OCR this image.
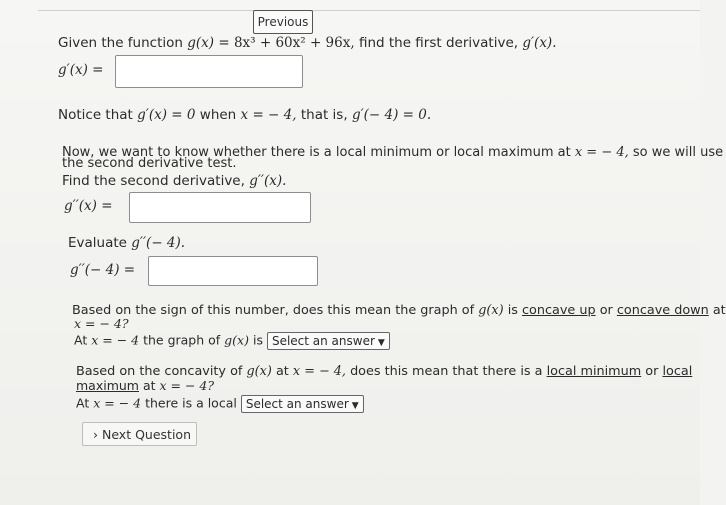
Previous
Given the function g(x) = 8x³ + 60x² + 96x, find the first derivative, g′(x).
g′(x) =
Notice that g′(x) = 0 when x = − 4, that is, g′(− 4) = 0.
Now, we want to know whether there is a local minimum or local maximum at x = − 4, so we will use
the second derivative test.
Find the second derivative, g′′(x).
g′′(x) =
Evaluate g′′(− 4).
g′′(− 4) =
Based on the sign of this number, does this mean the graph of g(x) is concave up or concave down at
x = − 4?
At x = − 4 the graph of g(x) is Select an answer ▼
Based on the concavity of g(x) at x = − 4, does this mean that there is a local minimum or local
maximum at x = − 4?
At x = − 4 there is a local Select an answer ▼
› Next Question
